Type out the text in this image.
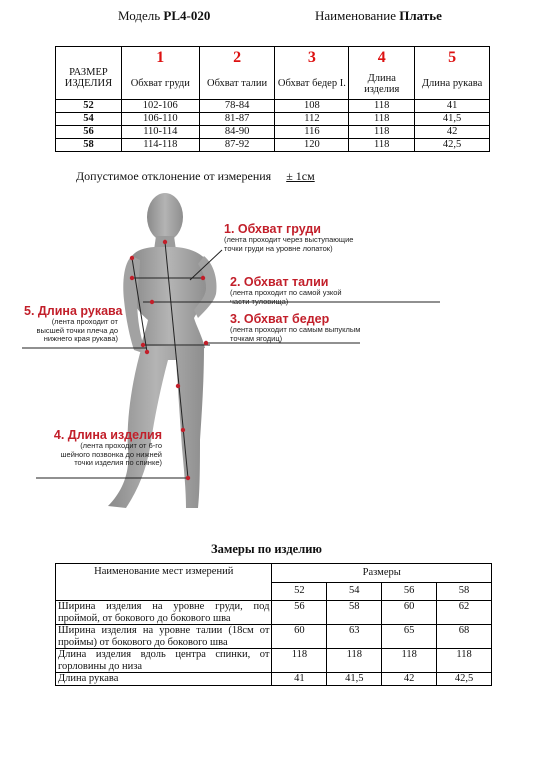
Модель PL4-020	Наименование Платье
РАЗМЕР
ИЗДЕЛИЯ	1	2	3	4	5
	Обхват груди	Обхват талии	Обхват бедер I.	Длина изделия	Длина рукава
52	102-106	78-84	108	118	41
54	106-110	81-87	112	118	41,5
56	110-114	84-90	116	118	42
58	114-118	87-92	120	118	42,5
Допустимое отклонение от измерения ± 1см
1. Обхват груди
(лента проходит через выступающие
точки груди на уровне лопаток)
2. Обхват талии
(лента проходит по самой узкой
части туловища)
3. Обхват бедер
(лента проходит по самым выпуклым
точкам ягодиц)
5. Длина рукава
(лента проходит от
высшей точки плеча до
нижнего края рукава)
4. Длина изделия
(лента проходит от 6-го
шейного позвонка до нижней
точки изделия по спинке)
Замеры по изделию
Наименование мест измерений	Размеры			
	52	54	56	58
Ширина изделия на уровне груди, под проймой, от бокового до бокового шва	56	58	60	62
Ширина изделия на уровне талии (18см от проймы) от бокового до бокового шва	60	63	65	68
Длина изделия вдоль центра спинки, от горловины до низа	118	118	118	118
Длина рукава	41	41,5	42	42,5
